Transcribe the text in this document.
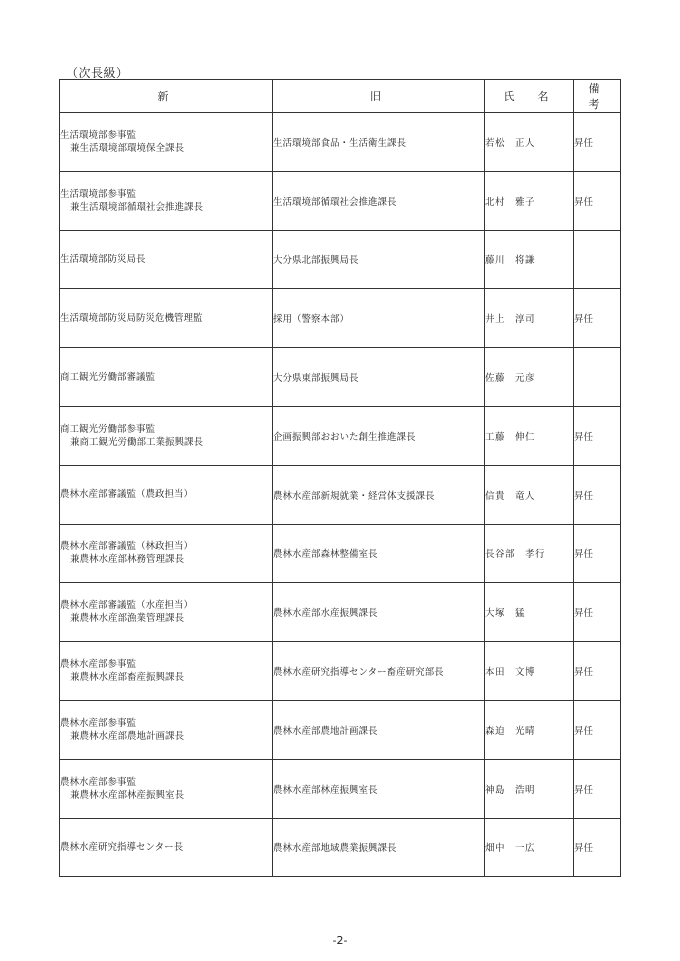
（次長級）
新	旧	氏　名	備　考

生活環境部参事監
兼生活環境部環境保全課長	生活環境部食品・生活衛生課長	若松　正人	昇任

生活環境部参事監
兼生活環境部循環社会推進課長	生活環境部循環社会推進課長	北村　雅子	昇任

生活環境部防災局長	大分県北部振興局長	藤川　将謙	

生活環境部防災局防災危機管理監	採用（警察本部）	井上　淳司	昇任

商工観光労働部審議監	大分県東部振興局長	佐藤　元彦	

商工観光労働部参事監
兼商工観光労働部工業振興課長	企画振興部おおいた創生推進課長	工藤　伸仁	昇任

農林水産部審議監（農政担当）	農林水産部新規就業・経営体支援課長	信貴　竜人	昇任

農林水産部審議監（林政担当）
兼農林水産部林務管理課長	農林水産部森林整備室長	長谷部　孝行	昇任

農林水産部審議監（水産担当）
兼農林水産部漁業管理課長	農林水産部水産振興課長	大塚　猛	昇任

農林水産部参事監
兼農林水産部畜産振興課長	農林水産研究指導センター畜産研究部長	本田　文博	昇任

農林水産部参事監
兼農林水産部農地計画課長	農林水産部農地計画課長	森迫　光晴	昇任

農林水産部参事監
兼農林水産部林産振興室長	農林水産部林産振興室長	神島　浩明	昇任

農林水産研究指導センター長	農林水産部地域農業振興課長	畑中　一広	昇任
-2-
